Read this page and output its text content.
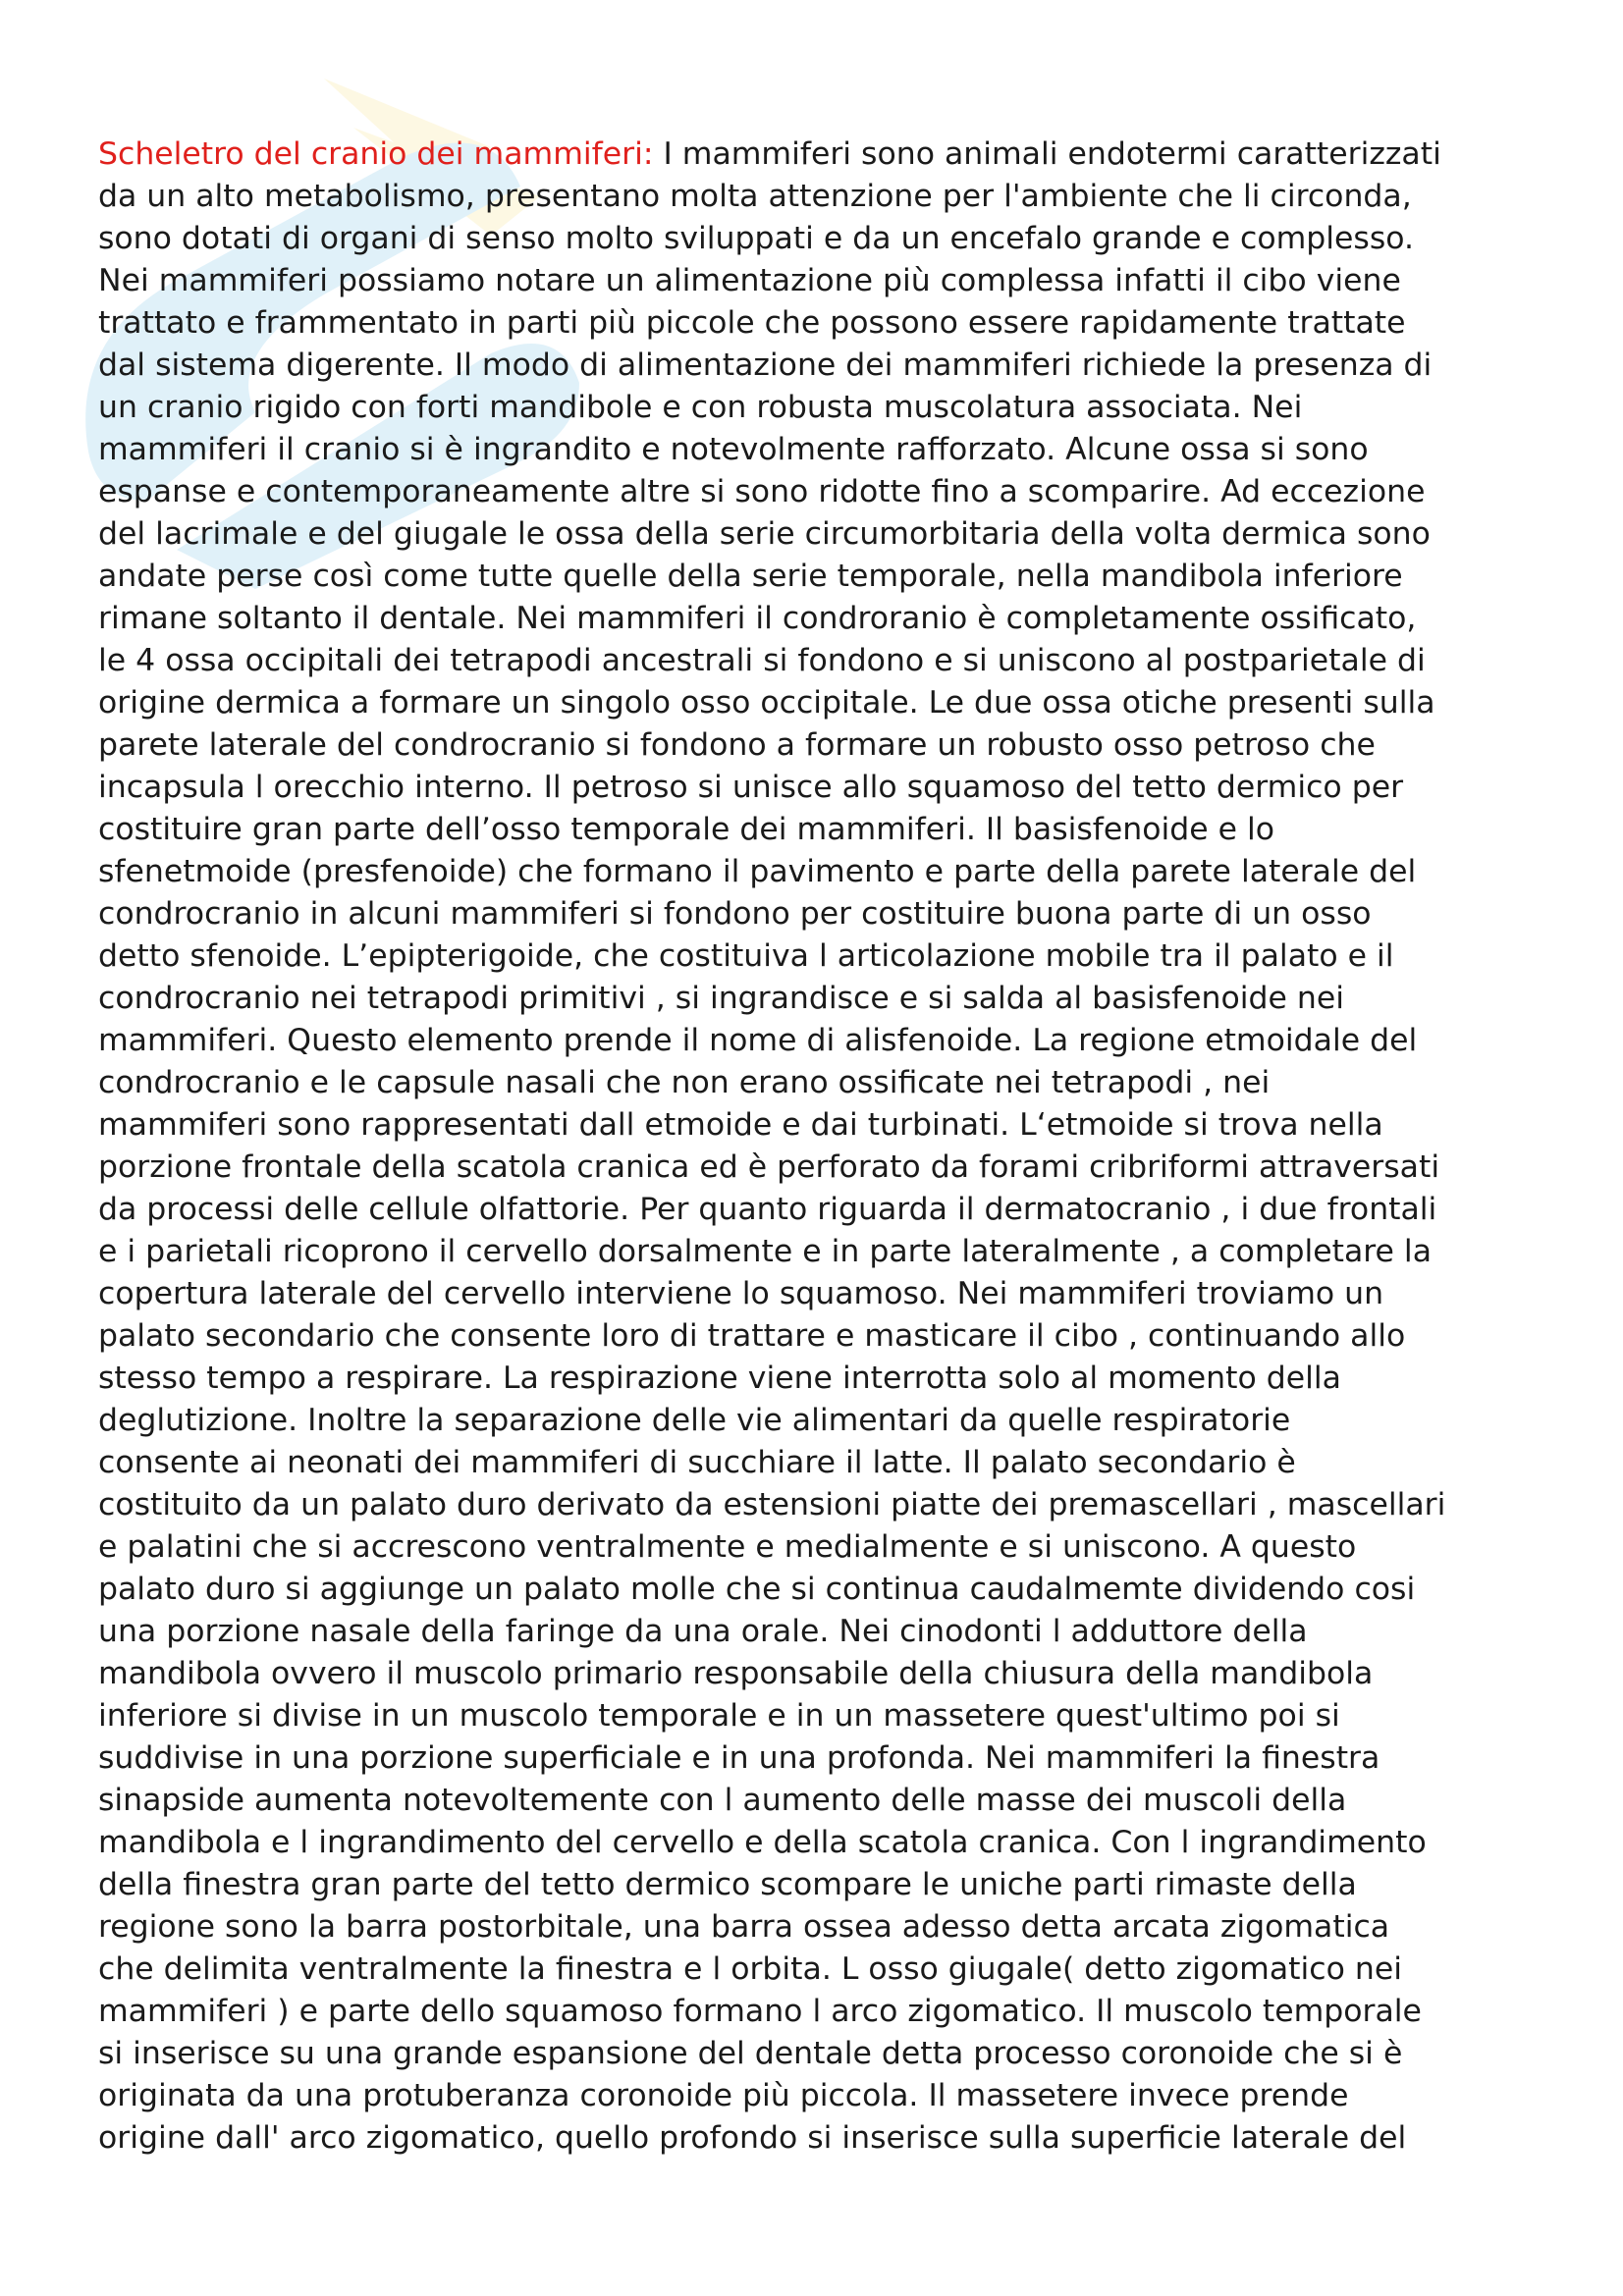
Scheletro del cranio dei mammiferi: I mammiferi sono animali endotermi caratterizzati
da un alto metabolismo, presentano molta attenzione per l'ambiente che li circonda,
sono dotati di organi di senso molto sviluppati e da un encefalo grande e complesso.
Nei mammiferi possiamo notare un alimentazione più complessa infatti il cibo viene
trattato e frammentato in parti più piccole che possono essere rapidamente trattate
dal sistema digerente. Il modo di alimentazione dei mammiferi richiede la presenza di
un cranio rigido con forti mandibole e con robusta muscolatura associata. Nei
mammiferi il cranio si è ingrandito e notevolmente rafforzato. Alcune ossa si sono
espanse e contemporaneamente altre si sono ridotte fino a scomparire. Ad eccezione
del lacrimale e del giugale le ossa della serie circumorbitaria della volta dermica sono
andate perse così come tutte quelle della serie temporale, nella mandibola inferiore
rimane soltanto il dentale. Nei mammiferi il condroranio è completamente ossificato,
le 4 ossa occipitali dei tetrapodi ancestrali si fondono e si uniscono al postparietale di
origine dermica a formare un singolo osso occipitale. Le due ossa otiche presenti sulla
parete laterale del condrocranio si fondono a formare un robusto osso petroso che
incapsula l orecchio interno. Il petroso si unisce allo squamoso del tetto dermico per
costituire gran parte dell’osso temporale dei mammiferi. Il basisfenoide e lo
sfenetmoide (presfenoide) che formano il pavimento e parte della parete laterale del
condrocranio in alcuni mammiferi si fondono per costituire buona parte di un osso
detto sfenoide. L’epipterigoide, che costituiva l articolazione mobile tra il palato e il
condrocranio nei tetrapodi primitivi , si ingrandisce e si salda al basisfenoide nei
mammiferi. Questo elemento prende il nome di alisfenoide. La regione etmoidale del
condrocranio e le capsule nasali che non erano ossificate nei tetrapodi , nei
mammiferi sono rappresentati dall etmoide e dai turbinati. L‘etmoide si trova nella
porzione frontale della scatola cranica ed è perforato da forami cribriformi attraversati
da processi delle cellule olfattorie. Per quanto riguarda il dermatocranio , i due frontali
e i parietali ricoprono il cervello dorsalmente e in parte lateralmente , a completare la
copertura laterale del cervello interviene lo squamoso. Nei mammiferi troviamo un
palato secondario che consente loro di trattare e masticare il cibo , continuando allo
stesso tempo a respirare. La respirazione viene interrotta solo al momento della
deglutizione. Inoltre la separazione delle vie alimentari da quelle respiratorie
consente ai neonati dei mammiferi di succhiare il latte. Il palato secondario è
costituito da un palato duro derivato da estensioni piatte dei premascellari , mascellari
e palatini che si accrescono ventralmente e medialmente e si uniscono. A questo
palato duro si aggiunge un palato molle che si continua caudalmemte dividendo cosi
una porzione nasale della faringe da una orale. Nei cinodonti l adduttore della
mandibola ovvero il muscolo primario responsabile della chiusura della mandibola
inferiore si divise in un muscolo temporale e in un massetere quest'ultimo poi si
suddivise in una porzione superficiale e in una profonda. Nei mammiferi la finestra
sinapside aumenta notevoltemente con l aumento delle masse dei muscoli della
mandibola e l ingrandimento del cervello e della scatola cranica. Con l ingrandimento
della finestra gran parte del tetto dermico scompare le uniche parti rimaste della
regione sono la barra postorbitale, una barra ossea adesso detta arcata zigomatica
che delimita ventralmente la finestra e l orbita. L osso giugale( detto zigomatico nei
mammiferi ) e parte dello squamoso formano l arco zigomatico. Il muscolo temporale
si inserisce su una grande espansione del dentale detta processo coronoide che si è
originata da una protuberanza coronoide più piccola. Il massetere invece prende
origine dall' arco zigomatico, quello profondo si inserisce sulla superficie laterale del
